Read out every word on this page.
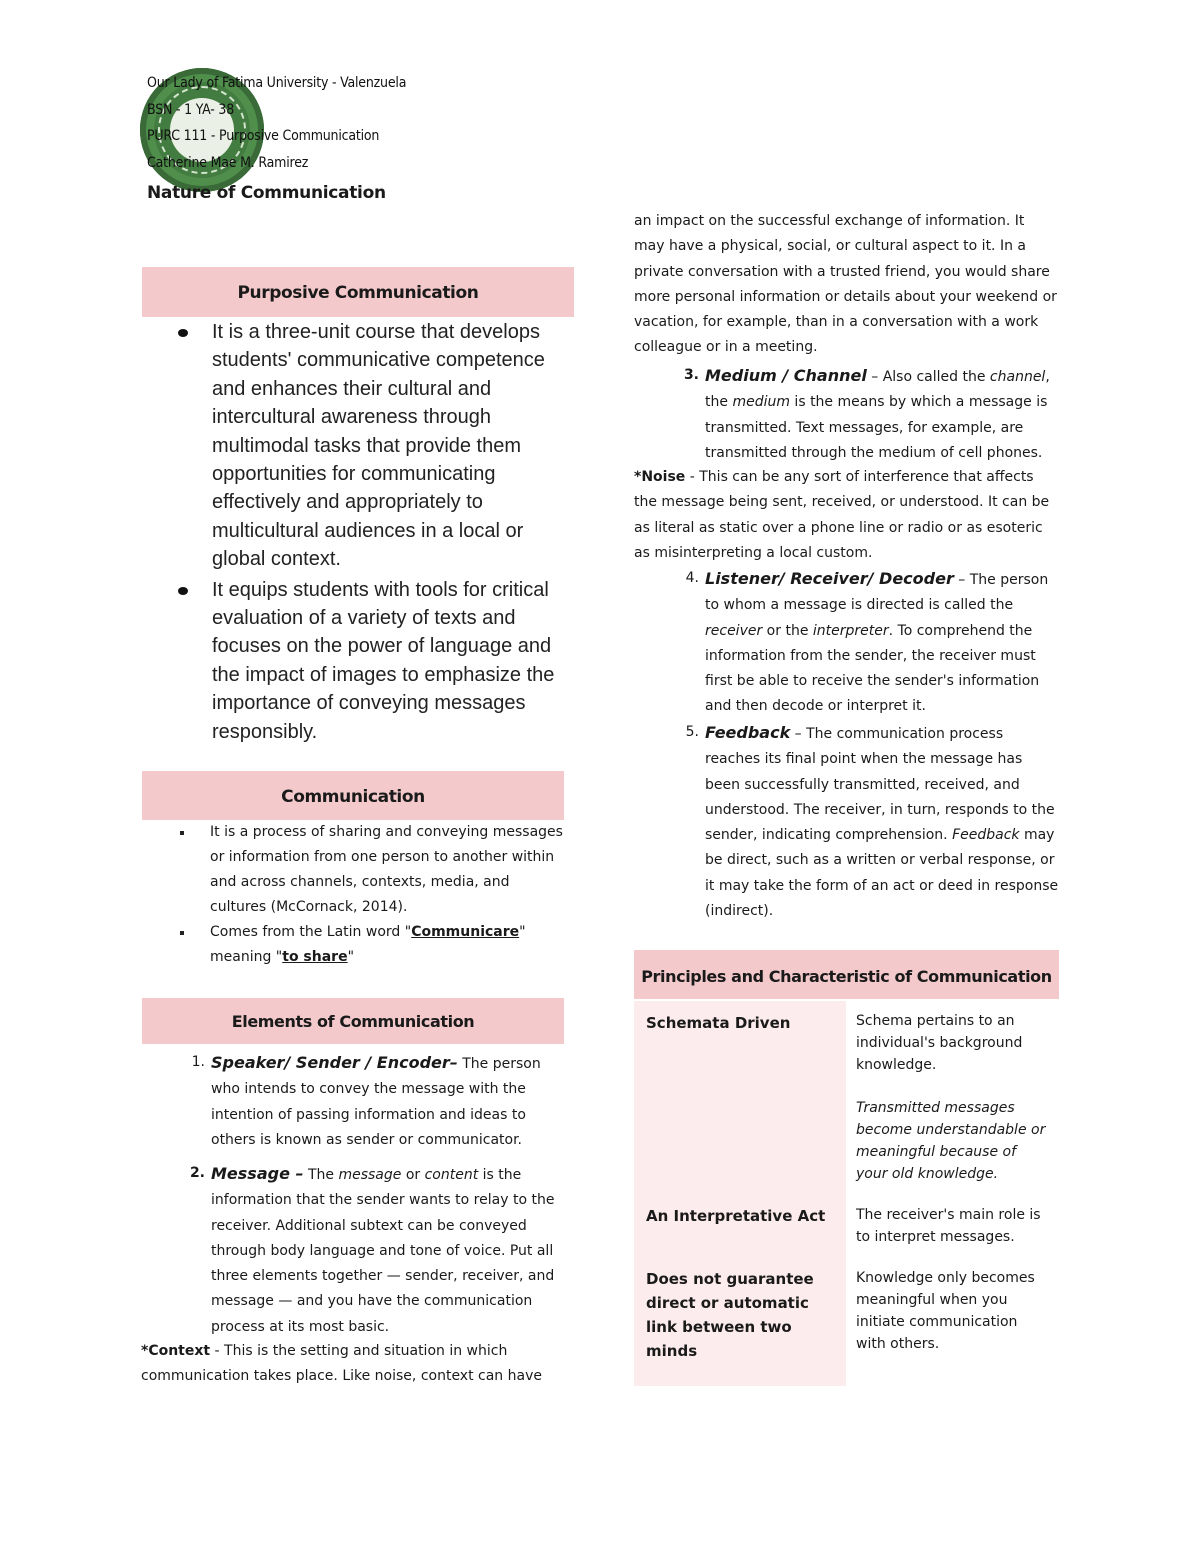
Our Lady of Fatima University - Valenzuela
BSN - 1 YA- 38
PURC 111 - Purposive Communication
Catherine Mae M. Ramirez
Nature of Communication
Purposive Communication
It is a three-unit course that develops students' communicative competence and enhances their cultural and intercultural awareness through multimodal tasks that provide them opportunities for communicating effectively and appropriately to multicultural audiences in a local or global context.
It equips students with tools for critical evaluation of a variety of texts and focuses on the power of language and the impact of images to emphasize the importance of conveying messages responsibly.
Communication
It is a process of sharing and conveying messages or information from one person to another within and across channels, contexts, media, and cultures (McCornack, 2014).
Comes from the Latin word "Communicare" meaning "to share"
Elements of Communication
1. Speaker/ Sender / Encoder– The person who intends to convey the message with the intention of passing information and ideas to others is known as sender or communicator.
2. Message – The message or content is the information that the sender wants to relay to the receiver. Additional subtext can be conveyed through body language and tone of voice. Put all three elements together — sender, receiver, and message — and you have the communication process at its most basic.
*Context - This is the setting and situation in which communication takes place. Like noise, context can have
an impact on the successful exchange of information. It may have a physical, social, or cultural aspect to it. In a private conversation with a trusted friend, you would share more personal information or details about your weekend or vacation, for example, than in a conversation with a work colleague or in a meeting.
3. Medium / Channel – Also called the channel, the medium is the means by which a message is transmitted. Text messages, for example, are transmitted through the medium of cell phones.
*Noise - This can be any sort of interference that affects the message being sent, received, or understood. It can be as literal as static over a phone line or radio or as esoteric as misinterpreting a local custom.
4. Listener/ Receiver/ Decoder – The person to whom a message is directed is called the receiver or the interpreter. To comprehend the information from the sender, the receiver must first be able to receive the sender's information and then decode or interpret it.
5. Feedback – The communication process reaches its final point when the message has been successfully transmitted, received, and understood. The receiver, in turn, responds to the sender, indicating comprehension. Feedback may be direct, such as a written or verbal response, or it may take the form of an act or deed in response (indirect).
Principles and Characteristic of Communication
Schemata Driven	Schema pertains to an individual's background knowledge.
Transmitted messages become understandable or meaningful because of your old knowledge.
An Interpretative Act	The receiver's main role is to interpret messages.
Does not guarantee direct or automatic link between two minds
Knowledge only becomes meaningful when you initiate communication with others.
